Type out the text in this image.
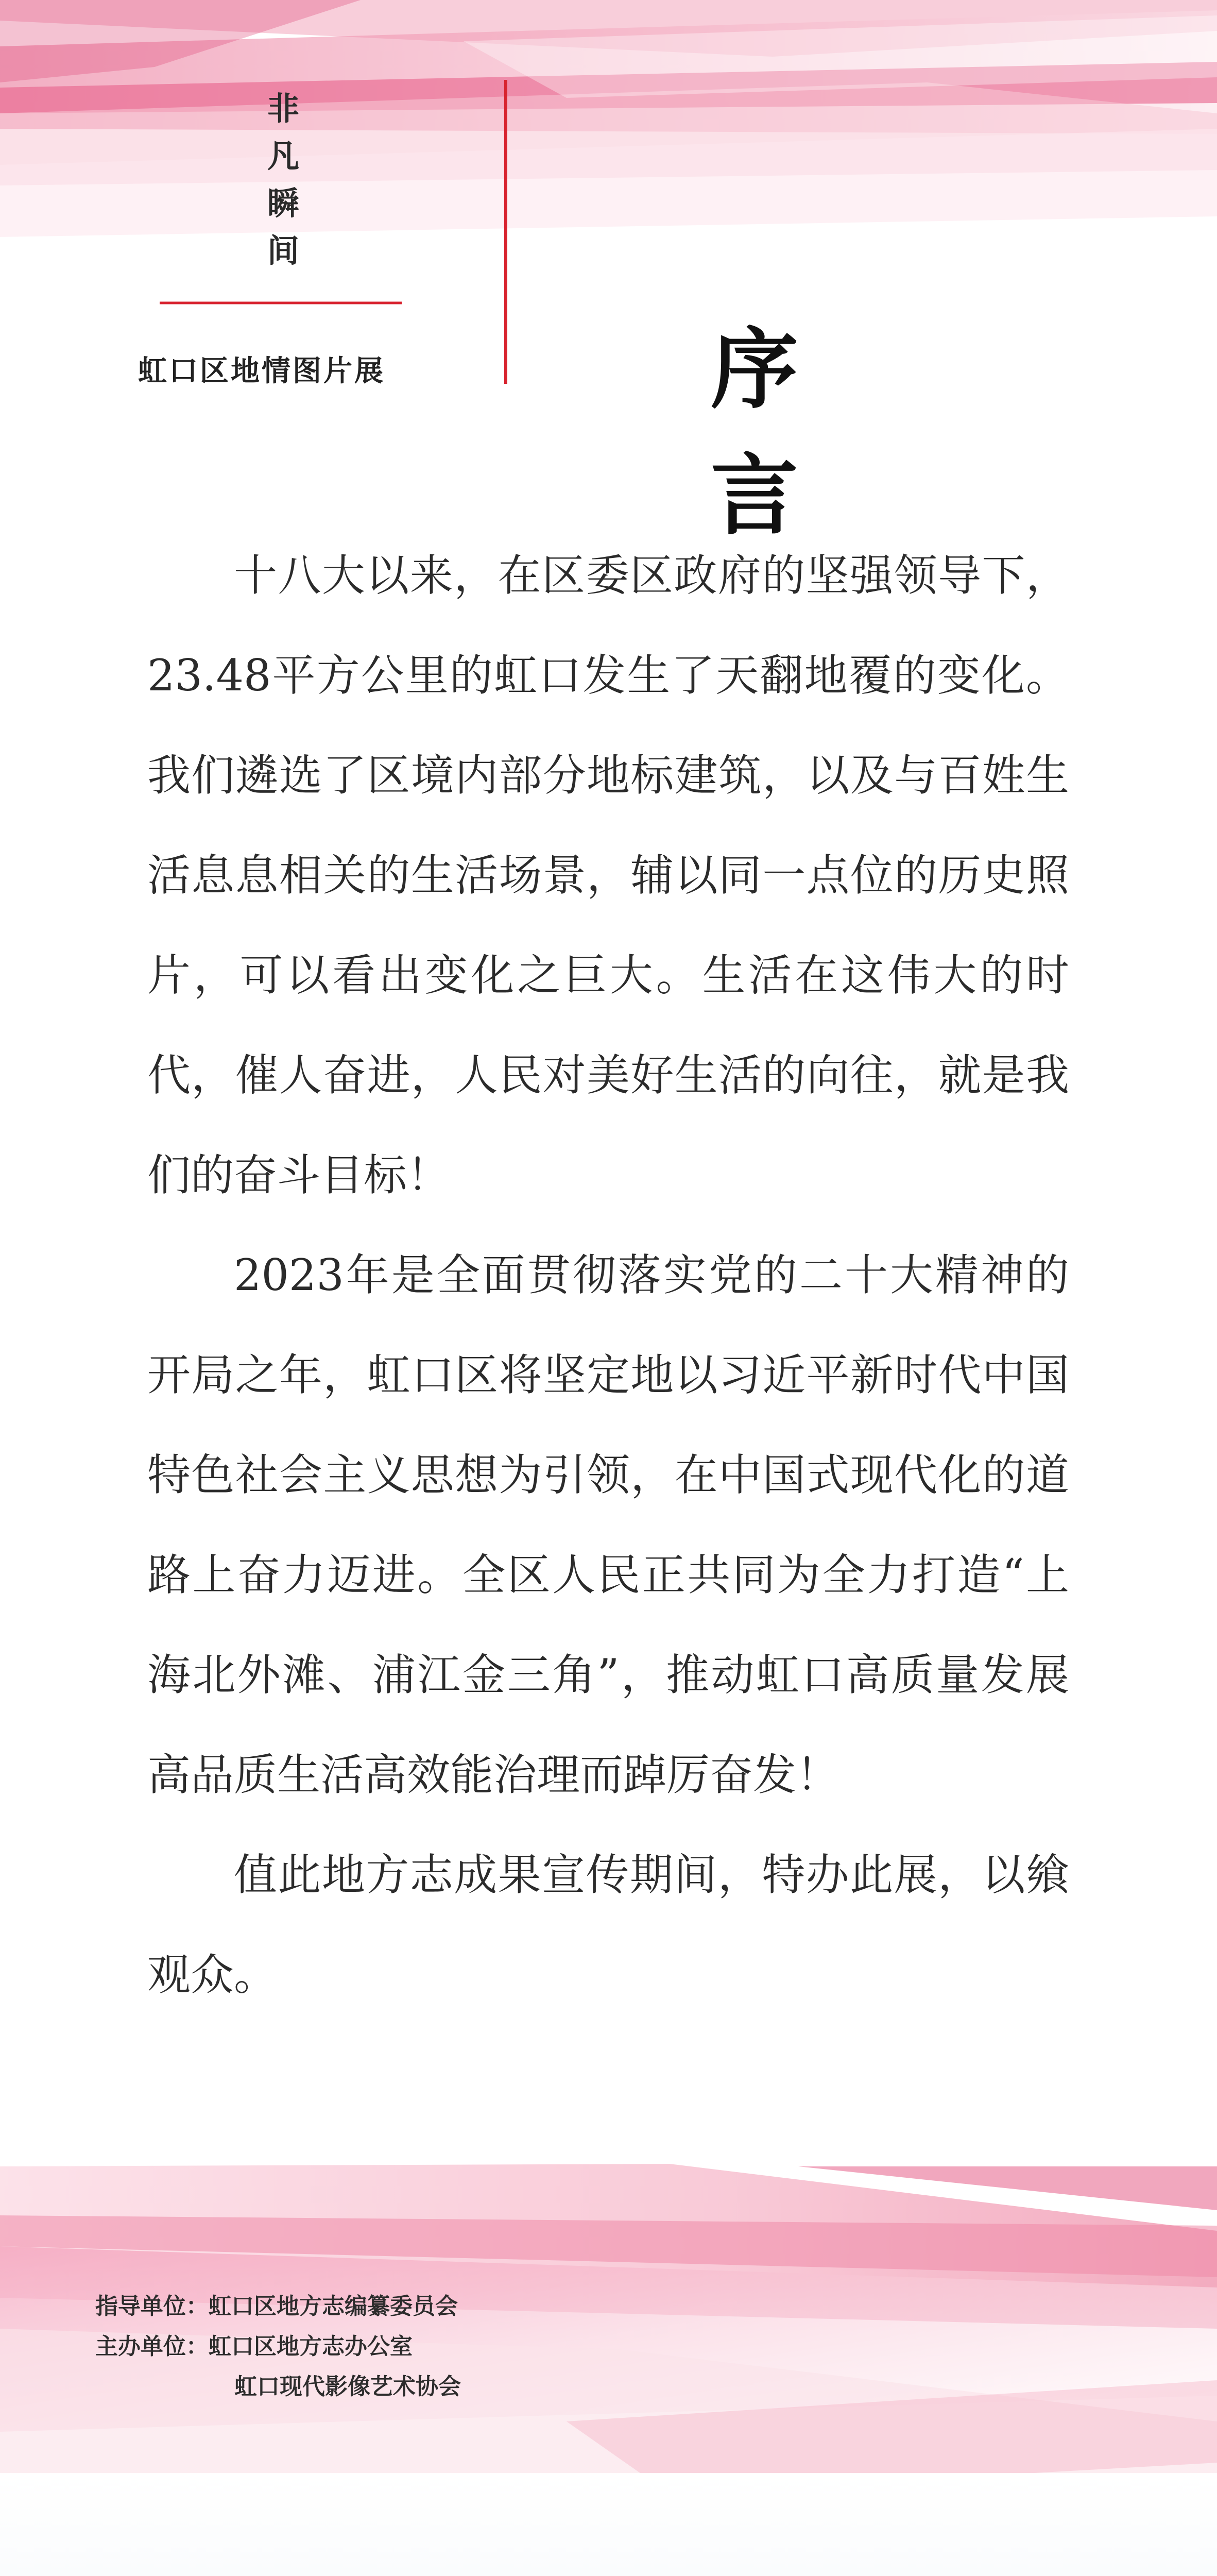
非
凡
瞬
间
虹口区地情图片展	序　言

十八大以来，在区委区政府的坚强领导下，23.48平方公里的虹口发生了天翻地覆的变化。我们遴选了区境内部分地标建筑，以及与百姓生活息息相关的生活场景，辅以同一点位的历史照片，可以看出变化之巨大。生活在这伟大的时代，催人奋进，人民对美好生活的向往，就是我们的奋斗目标！

2023年是全面贯彻落实党的二十大精神的开局之年，虹口区将坚定地以习近平新时代中国特色社会主义思想为引领，在中国式现代化的道路上奋力迈进。全区人民正共同为全力打造“上海北外滩、浦江金三角”，推动虹口高质量发展高品质生活高效能治理而踔厉奋发！

值此地方志成果宣传期间，特办此展，以飨观众。

指导单位：虹口区地方志编纂委员会
主办单位：虹口区地方志办公室
虹口现代影像艺术协会
